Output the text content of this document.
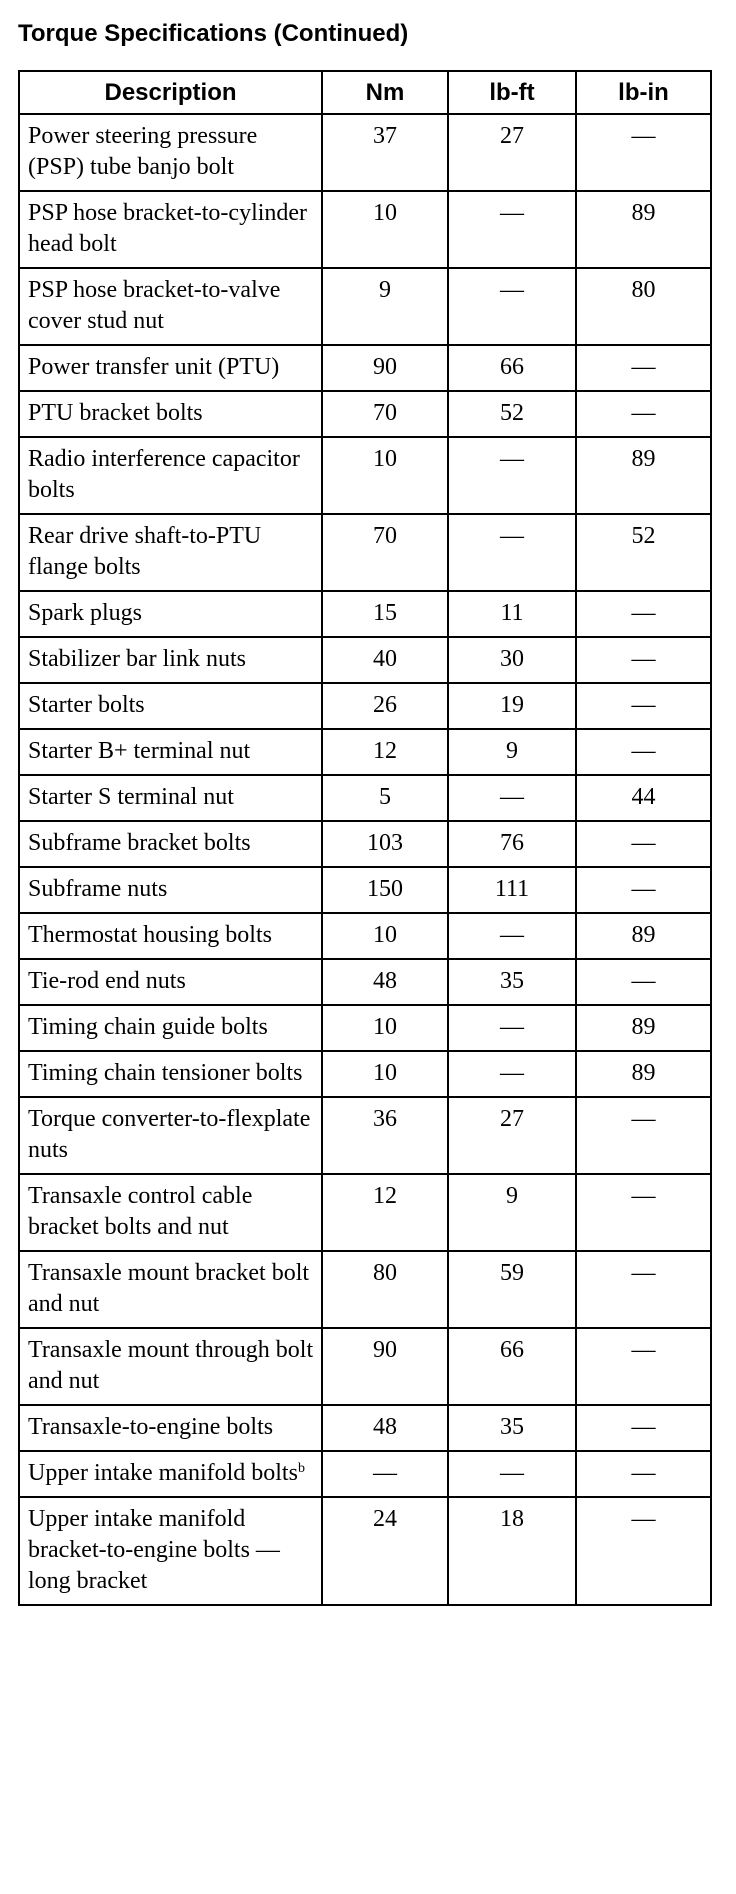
Torque Specifications (Continued)
Description	Nm	lb-ft	lb-in
Power steering pressure (PSP) tube banjo bolt	37	27	—
PSP hose bracket-to-cylinder head bolt	10	—	89
PSP hose bracket-to-valve cover stud nut	9	—	80
Power transfer unit (PTU)	90	66	—
PTU bracket bolts	70	52	—
Radio interference capacitor bolts	10	—	89
Rear drive shaft-to-PTU flange bolts	70	—	52
Spark plugs	15	11	—
Stabilizer bar link nuts	40	30	—
Starter bolts	26	19	—
Starter B+ terminal nut	12	9	—
Starter S terminal nut	5	—	44
Subframe bracket bolts	103	76	—
Subframe nuts	150	111	—
Thermostat housing bolts	10	—	89
Tie-rod end nuts	48	35	—
Timing chain guide bolts	10	—	89
Timing chain tensioner bolts	10	—	89
Torque converter-to-flexplate nuts	36	27	—
Transaxle control cable bracket bolts and nut	12	9	—
Transaxle mount bracket bolt and nut	80	59	—
Transaxle mount through bolt and nut	90	66	—
Transaxle-to-engine bolts	48	35	—
Upper intake manifold bolts$^b$	—	—	—
Upper intake manifold bracket-to-engine bolts — long bracket	24	18	—
